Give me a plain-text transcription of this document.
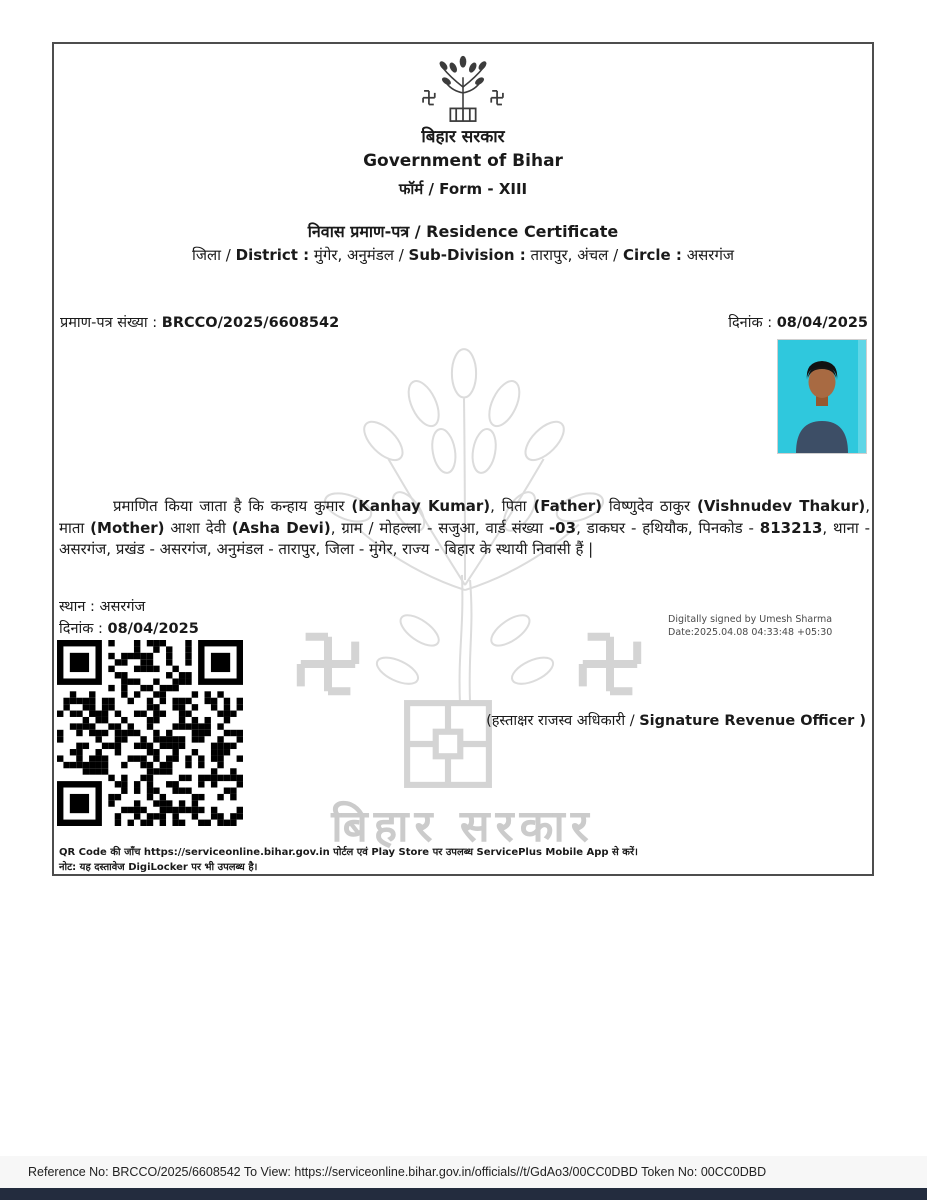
बिहार सरकार
बिहार सरकार
Government of Bihar
फॉर्म / Form - XIII
निवास प्रमाण-पत्र / Residence Certificate
जिला / District : मुंगेर, अनुमंडल / Sub-Division : तारापुर, अंचल / Circle : असरगंज
प्रमाण-पत्र संख्या : BRCCO/2025/6608542	दिनांक : 08/04/2025
प्रमाणित किया जाता है कि कन्हाय कुमार (Kanhay Kumar), पिता (Father) विष्णुदेव ठाकुर (Vishnudev Thakur), माता (Mother) आशा देवी (Asha Devi), ग्राम / मोहल्ला - सजुआ, वार्ड संख्या -03, डाकघर - हथियौक, पिनकोड - 813213, थाना - असरगंज, प्रखंड - असरगंज, अनुमंडल - तारापुर, जिला - मुंगेर, राज्य - बिहार के स्थायी निवासी हैं |
स्थान : असरगंज
दिनांक : 08/04/2025
Digitally signed by Umesh Sharma
Date:2025.04.08 04:33:48 +05:30
(हस्ताक्षर राजस्व अधिकारी / Signature Revenue Officer )
QR Code की जाँच https://serviceonline.bihar.gov.in पोर्टल एवं Play Store पर उपलब्ध ServicePlus Mobile App से करें।
नोट: यह दस्तावेज DigiLocker पर भी उपलब्ध है।
Reference No: BRCCO/2025/6608542 To View: https://serviceonline.bihar.gov.in/officials//t/GdAo3/00CC0DBD Token No: 00CC0DBD
